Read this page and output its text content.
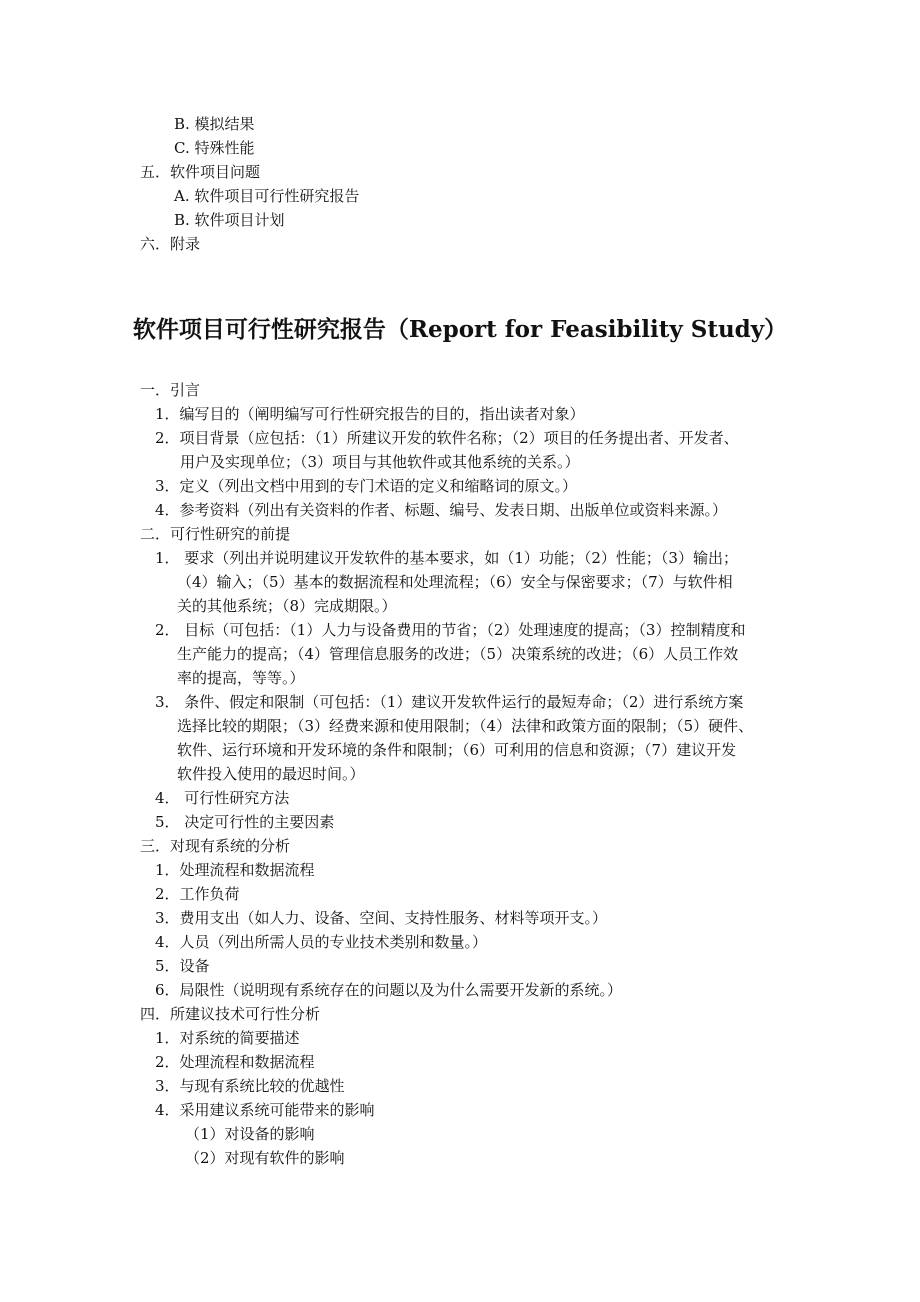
B. 模拟结果
C. 特殊性能
五．软件项目问题
A. 软件项目可行性研究报告
B. 软件项目计划
六．附录
软件项目可行性研究报告（Report for Feasibility Study）
一．引言
1．编写目的（阐明编写可行性研究报告的目的，指出读者对象）
2．项目背景（应包括：（1）所建议开发的软件名称；（2）项目的任务提出者、开发者、
用户及实现单位；（3）项目与其他软件或其他系统的关系。）
3．定义（列出文档中用到的专门术语的定义和缩略词的原文。）
4．参考资料（列出有关资料的作者、标题、编号、发表日期、出版单位或资料来源。）
二．可行性研究的前提
1． 要求（列出并说明建议开发软件的基本要求，如（1）功能；（2）性能；（3）输出；
（4）输入；（5）基本的数据流程和处理流程；（6）安全与保密要求；（7）与软件相
关的其他系统；（8）完成期限。）
2． 目标（可包括：（1）人力与设备费用的节省；（2）处理速度的提高；（3）控制精度和
生产能力的提高；（4）管理信息服务的改进；（5）决策系统的改进；（6）人员工作效
率的提高，等等。）
3． 条件、假定和限制（可包括：（1）建议开发软件运行的最短寿命；（2）进行系统方案
选择比较的期限；（3）经费来源和使用限制；（4）法律和政策方面的限制；（5）硬件、
软件、运行环境和开发环境的条件和限制；（6）可利用的信息和资源；（7）建议开发
软件投入使用的最迟时间。）
4． 可行性研究方法
5． 决定可行性的主要因素
三．对现有系统的分析
1．处理流程和数据流程
2．工作负荷
3．费用支出（如人力、设备、空间、支持性服务、材料等项开支。）
4．人员（列出所需人员的专业技术类别和数量。）
5．设备
6．局限性（说明现有系统存在的问题以及为什么需要开发新的系统。）
四．所建议技术可行性分析
1．对系统的简要描述
2．处理流程和数据流程
3．与现有系统比较的优越性
4．采用建议系统可能带来的影响
（1）对设备的影响
（2）对现有软件的影响
